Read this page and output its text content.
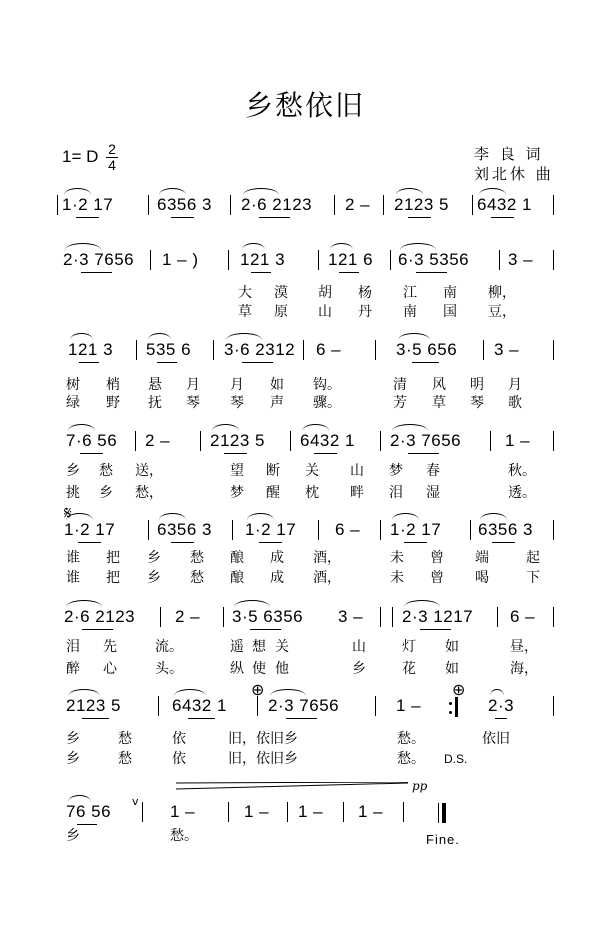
乡愁依旧
1= D 2
4
李 良 词
刘北休 曲
1·2 17	6356 3 2·6 2123 2 – 2123 5 6432 1
2·3 7656 1 – ) 121 3	121 6 6·3 5356 3 –
大 漠 胡 杨 江 南 柳，
草 原 山 丹 南 国 豆，
121 3 535 6 3·6 2312 6 –	3·5 656 3 –
树 梢 悬 月 月 如 钩。	清 风 明 月
绿 野 抚 琴 琴 声 骤。	芳 草 琴 歌
7·6 56 2 – 2123 5 6432 1 2·3 7656	1 –
乡 愁 送，	望 断 关 山 梦 春	秋。
挑 乡 愁，	梦 醒 枕 畔 泪 湿	透。
1·2 17 6356 3 1·2 17 6 – 1·2 17 6356 3
谁 把 乡 愁 酿 成 酒，	未 曾 端	起
谁 把 乡 愁 酿 成 酒，	未 曾 喝	下
2·6 2123 2 – 3·5 6356 3 – 2·3 1217 6 –
泪 先	流。	遥 想 关	山	灯 如	昼，
醉 心	头。	纵 使 他	乡	花 如	海，
2123 5	6432 1 2·3 7656	1 –	2·3
乡	愁	依	旧，依旧乡	愁。	依旧
乡	愁	依	旧，依旧乡	愁。
76 56	1 –	1 – 1 – 1 –
乡	愁。
𝄋
⊕	⊕
v
D.S.
Fine.
pp
